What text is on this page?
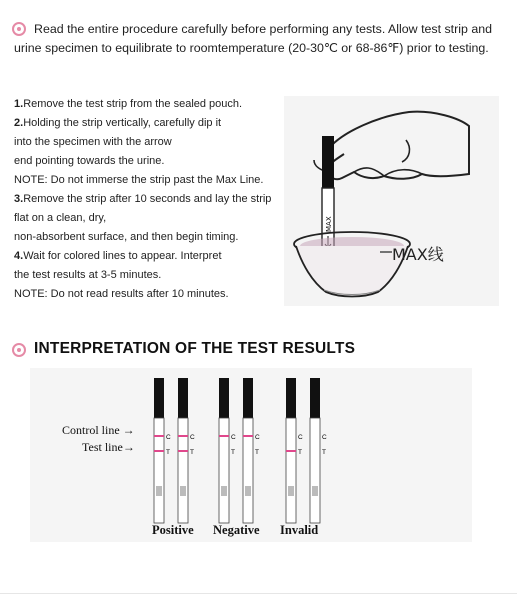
Read the entire procedure carefully before performing any tests. Allow test strip and
urine specimen to equilibrate to roomtemperature (20-30℃ or 68-86℉) prior to testing.
1.Remove the test strip from the sealed pouch.
2.Holding the strip vertically, carefully dip it
into the specimen with the arrow
end pointing towards the urine.
NOTE: Do not immerse the strip past the Max Line.
3.Remove the strip after 10 seconds and lay the strip
flat on a clean, dry,
non-absorbent surface, and then begin timing.
4.Wait for colored lines to appear. Interpret
the test results at 3-5 minutes.
NOTE: Do not read results after 10 minutes.
MAX
MAX线
INTERPRETATION OF THE TEST RESULTS
Control line →
Test line→
C
T
C
T
C
T
C
T
C
T
C
T
Positive Negative Invalid
